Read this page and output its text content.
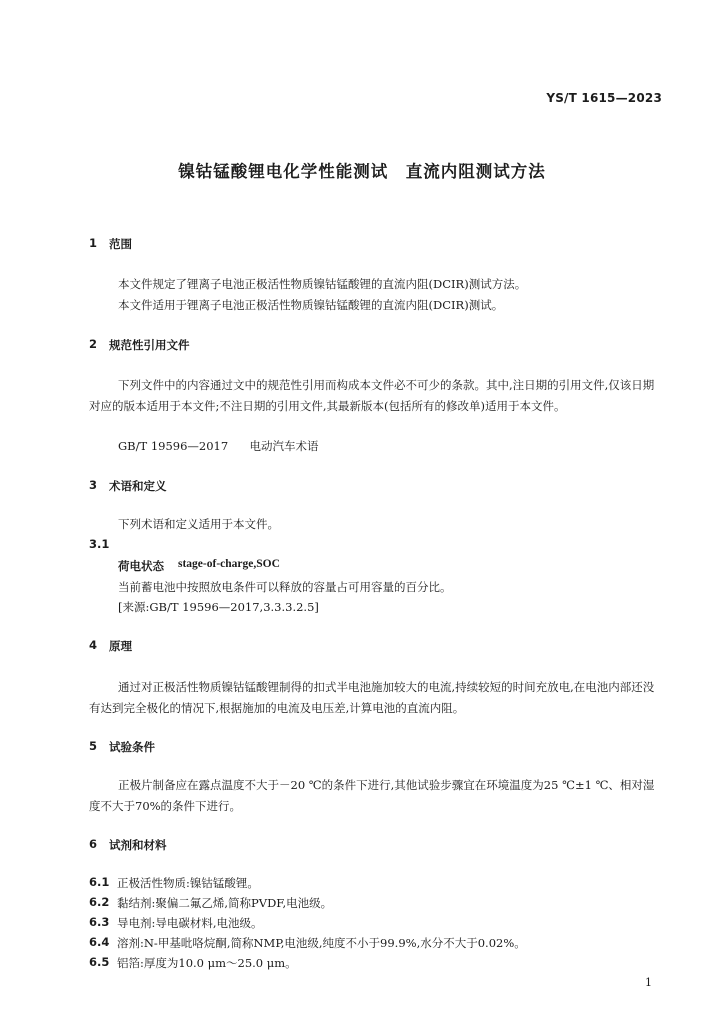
YS/T 1615—2023
镍钴锰酸锂电化学性能测试　直流内阻测试方法
1 范围
本文件规定了锂离子电池正极活性物质镍钴锰酸锂的直流内阻(DCIR)测试方法。
本文件适用于锂离子电池正极活性物质镍钴锰酸锂的直流内阻(DCIR)测试。
2 规范性引用文件
下列文件中的内容通过文中的规范性引用而构成本文件必不可少的条款。其中,注日期的引用文件,仅该日期对应的版本适用于本文件;不注日期的引用文件,其最新版本(包括所有的修改单)适用于本文件。
GB/T 19596—2017 电动汽车术语
3 术语和定义
下列术语和定义适用于本文件。
3.1
荷电状态 stage-of-charge,SOC
当前蓄电池中按照放电条件可以释放的容量占可用容量的百分比。
[来源:GB/T 19596—2017,3.3.3.2.5]
4 原理
通过对正极活性物质镍钴锰酸锂制得的扣式半电池施加较大的电流,持续较短的时间充放电,在电池内部还没有达到完全极化的情况下,根据施加的电流及电压差,计算电池的直流内阻。
5 试验条件
正极片制备应在露点温度不大于－20 ℃的条件下进行,其他试验步骤宜在环境温度为25 ℃±1 ℃、相对湿度不大于70%的条件下进行。
6 试剂和材料
6.1 正极活性物质:镍钴锰酸锂。
6.2 黏结剂:聚偏二氟乙烯,简称PVDF,电池级。
6.3 导电剂:导电碳材料,电池级。
6.4 溶剂:N-甲基吡咯烷酮,简称NMP,电池级,纯度不小于99.9%,水分不大于0.02%。
6.5 铝箔:厚度为10.0 μm～25.0 μm。
1
